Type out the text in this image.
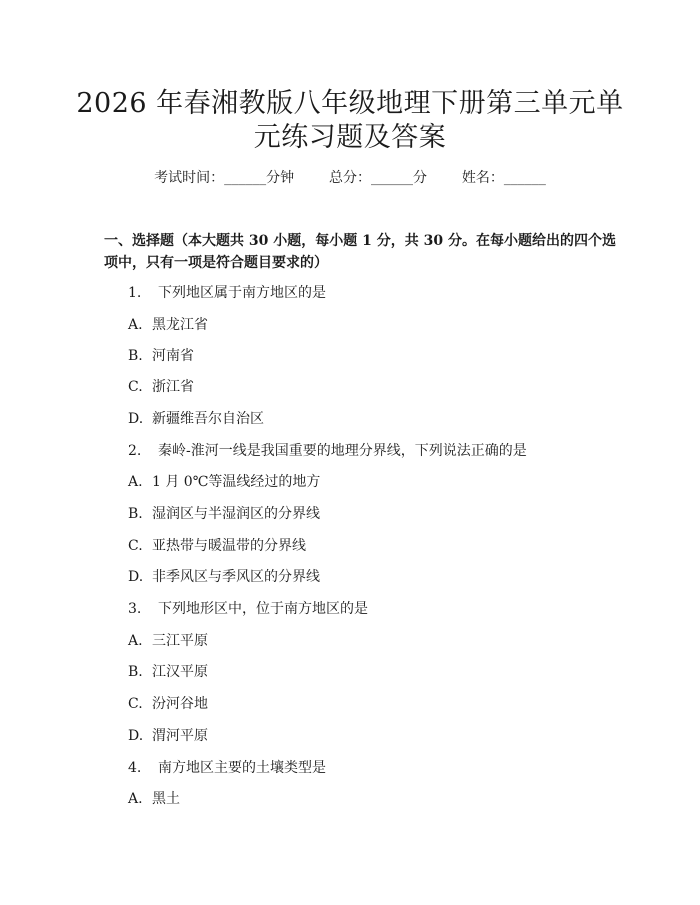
2026 年春湘教版八年级地理下册第三单元单
元练习题及答案
考试时间：______分钟 总分：______分 姓名：______
一、选择题（本大题共 30 小题，每小题 1 分，共 30 分。在每小题给出的四个选
项中，只有一项是符合题目要求的）
1. 下列地区属于南方地区的是
A. 黑龙江省
B. 河南省
C. 浙江省
D. 新疆维吾尔自治区
2. 秦岭-淮河一线是我国重要的地理分界线，下列说法正确的是
A. 1 月 0℃等温线经过的地方
B. 湿润区与半湿润区的分界线
C. 亚热带与暖温带的分界线
D. 非季风区与季风区的分界线
3. 下列地形区中，位于南方地区的是
A. 三江平原
B. 江汉平原
C. 汾河谷地
D. 渭河平原
4. 南方地区主要的土壤类型是
A. 黑土
